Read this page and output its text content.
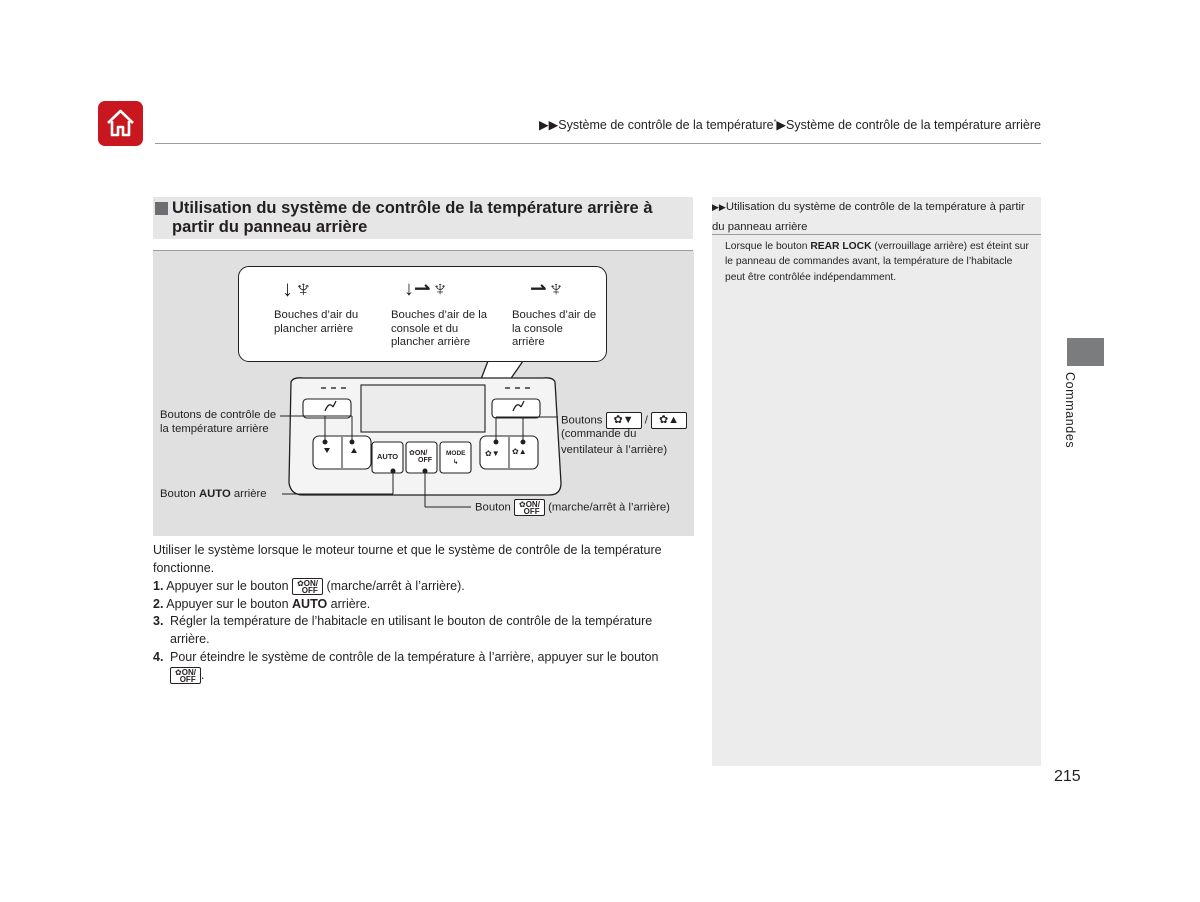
▶▶Système de contrôle de la température*▶Système de contrôle de la température arrière
Utilisation du système de contrôle de la température arrière à partir du panneau arrière
AUTO ✿ON/
OFF
MODE
↳
✿▼ ✿▲
↓♆	↓⇀♆	⇀♆
Bouches d’air du plancher arrière
Bouches d’air de la console et du plancher arrière
Bouches d’air de la console arrière
Boutons de contrôle de la température arrière
Bouton AUTO arrière
Boutons ✿▼ / ✿▲
(commande du
ventilateur à l’arrière)
Bouton ✿ON/
OFF (marche/arrêt à l’arrière)
Utiliser le système lorsque le moteur tourne et que le système de contrôle de la température fonctionne.
1. Appuyer sur le bouton ✿ON/
OFF (marche/arrêt à l’arrière).
2. Appuyer sur le bouton AUTO arrière.
3. Régler la température de l’habitacle en utilisant le bouton de contrôle de la température arrière.
4. Pour éteindre le système de contrôle de la température à l’arrière, appuyer sur le bouton
✿ON/
OFF .
▶▶Utilisation du système de contrôle de la température à partir du panneau arrière
Lorsque le bouton REAR LOCK (verrouillage arrière) est éteint sur le panneau de commandes avant, la température de l’habitacle peut être contrôlée indépendamment.
Commandes
215
